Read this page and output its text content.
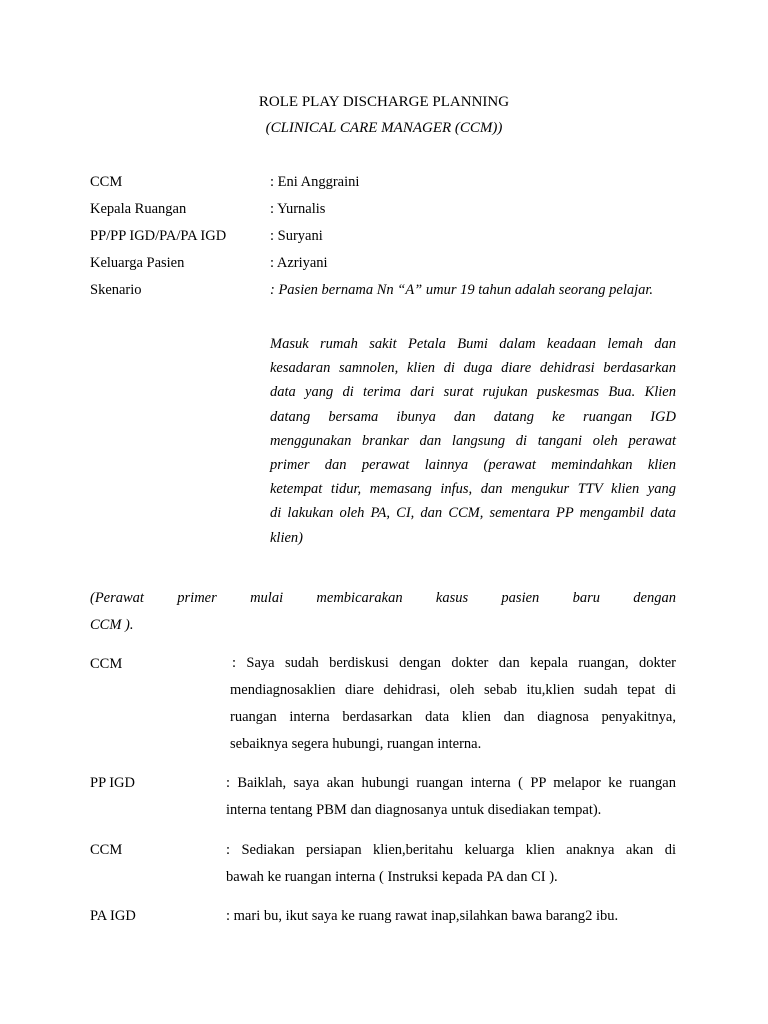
ROLE PLAY DISCHARGE PLANNING
(CLINICAL CARE MANAGER (CCM))
CCM	: Eni Anggraini
Kepala Ruangan	: Yurnalis
PP/PP IGD/PA/PA IGD	: Suryani
Keluarga Pasien	: Azriyani
Skenario	: Pasien bernama Nn “A” umur 19 tahun adalah seorang pelajar.
Masuk rumah sakit Petala Bumi dalam keadaan lemah dan
kesadaran samnolen, klien di duga diare dehidrasi berdasarkan
data yang di terima dari surat rujukan puskesmas Bua. Klien
datang bersama ibunya dan datang ke ruangan IGD
menggunakan brankar dan langsung di tangani oleh perawat
primer dan perawat lainnya (perawat memindahkan klien
ketempat tidur, memasang infus, dan mengukur TTV klien yang
di lakukan oleh PA, CI, dan CCM, sementara PP mengambil data
klien)
(Perawat primer mulai membicarakan kasus pasien baru dengan
CCM ).
CCM	: Saya sudah berdiskusi dengan dokter dan kepala ruangan, dokter
mendiagnosaklien diare dehidrasi, oleh sebab itu,klien sudah tepat di
ruangan interna berdasarkan data klien dan diagnosa penyakitnya,
sebaiknya segera hubungi, ruangan interna.
PP IGD	: Baiklah, saya akan hubungi ruangan interna ( PP melapor ke ruangan
interna tentang PBM dan diagnosanya untuk disediakan tempat).
CCM	: Sediakan persiapan klien,beritahu keluarga klien anaknya akan di
bawah ke ruangan interna ( Instruksi kepada PA dan CI ).
PA IGD	: mari bu, ikut saya ke ruang rawat inap,silahkan bawa barang2 ibu.
